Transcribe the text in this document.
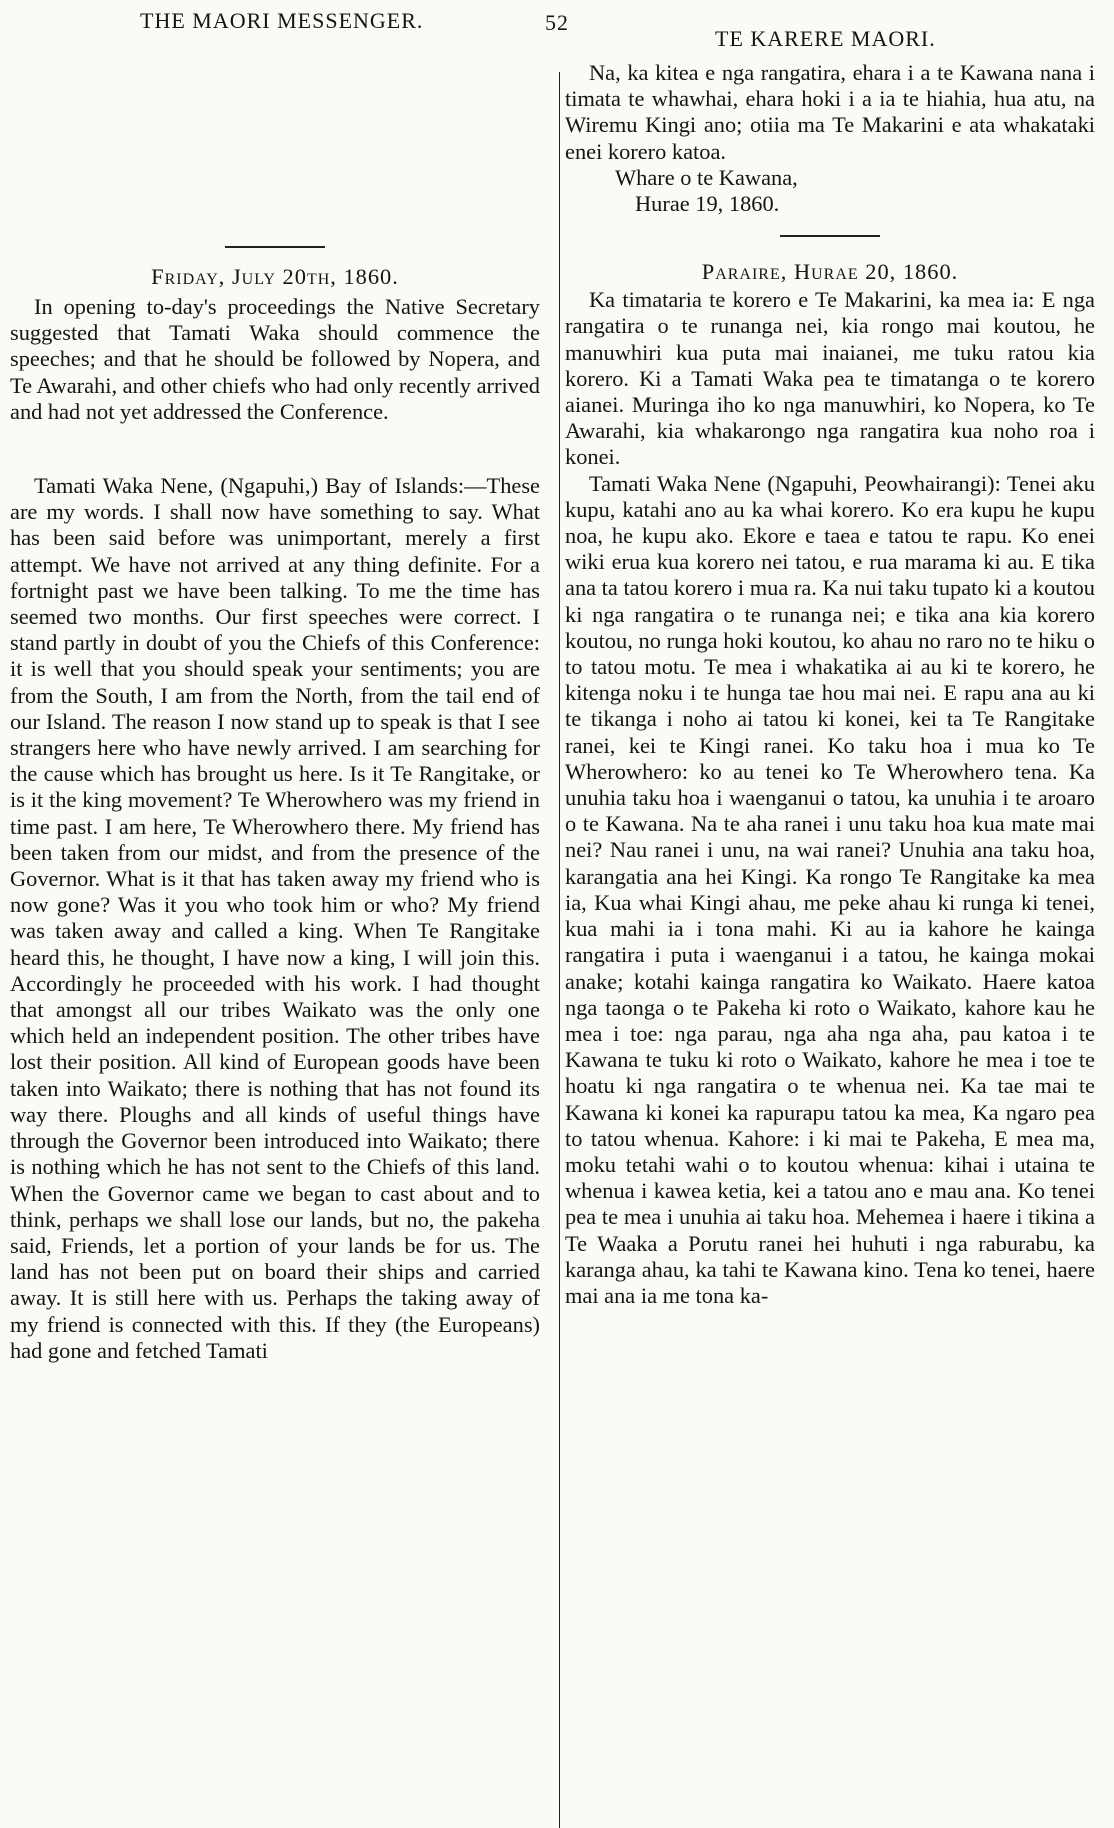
THE MAORI MESSENGER.	52
TE KARERE MAORI.

Friday, July 20th, 1860.

In opening to-day's proceedings the Native Secretary suggested that Tamati Waka should commence the speeches; and that he should be followed by Nopera, and Te Awarahi, and other chiefs who had only recently arrived and had not yet addressed the Conference.

Tamati Waka Nene, (Ngapuhi,) Bay of Islands:—These are my words. I shall now have something to say. What has been said before was unimportant, merely a first attempt. We have not arrived at any thing definite. For a fortnight past we have been talking. To me the time has seemed two months. Our first speeches were correct. I stand partly in doubt of you the Chiefs of this Conference: it is well that you should speak your sentiments; you are from the South, I am from the North, from the tail end of our Island. The reason I now stand up to speak is that I see strangers here who have newly arrived. I am searching for the cause which has brought us here. Is it Te Rangitake, or is it the king movement? Te Wherowhero was my friend in time past. I am here, Te Wherowhero there. My friend has been taken from our midst, and from the presence of the Governor. What is it that has taken away my friend who is now gone? Was it you who took him or who? My friend was taken away and called a king. When Te Rangitake heard this, he thought, I have now a king, I will join this. Accordingly he proceeded with his work. I had thought that amongst all our tribes Waikato was the only one which held an independent position. The other tribes have lost their position. All kind of European goods have been taken into Waikato; there is nothing that has not found its way there. Ploughs and all kinds of useful things have through the Governor been introduced into Waikato; there is nothing which he has not sent to the Chiefs of this land. When the Governor came we began to cast about and to think, perhaps we shall lose our lands, but no, the pakeha said, Friends, let a portion of your lands be for us. The land has not been put on board their ships and carried away. It is still here with us. Perhaps the taking away of my friend is connected with this. If they (the Europeans) had gone and fetched Tamati

Na, ka kitea e nga rangatira, ehara i a te Kawana nana i timata te whawhai, ehara hoki i a ia te hiahia, hua atu, na Wiremu Kingi ano; otiia ma Te Makarini e ata whakataki enei korero katoa.

Whare o te Kawana,

Hurae 19, 1860.

Paraire, Hurae 20, 1860.

Ka timataria te korero e Te Makarini, ka mea ia: E nga rangatira o te runanga nei, kia rongo mai koutou, he manuwhiri kua puta mai inaianei, me tuku ratou kia korero. Ki a Tamati Waka pea te timatanga o te korero aianei. Muringa iho ko nga manuwhiri, ko Nopera, ko Te Awarahi, kia whakarongo nga rangatira kua noho roa i konei.

Tamati Waka Nene (Ngapuhi, Peowhairangi): Tenei aku kupu, katahi ano au ka whai korero. Ko era kupu he kupu noa, he kupu ako. Ekore e taea e tatou te rapu. Ko enei wiki erua kua korero nei tatou, e rua marama ki au. E tika ana ta tatou korero i mua ra. Ka nui taku tupato ki a koutou ki nga rangatira o te runanga nei; e tika ana kia korero koutou, no runga hoki koutou, ko ahau no raro no te hiku o to tatou motu. Te mea i whakatika ai au ki te korero, he kitenga noku i te hunga tae hou mai nei. E rapu ana au ki te tikanga i noho ai tatou ki konei, kei ta Te Rangitake ranei, kei te Kingi ranei. Ko taku hoa i mua ko Te Wherowhero: ko au tenei ko Te Wherowhero tena. Ka unuhia taku hoa i waenganui o tatou, ka unuhia i te aroaro o te Kawana. Na te aha ranei i unu taku hoa kua mate mai nei? Nau ranei i unu, na wai ranei? Unuhia ana taku hoa, karangatia ana hei Kingi. Ka rongo Te Rangitake ka mea ia, Kua whai Kingi ahau, me peke ahau ki runga ki tenei, kua mahi ia i tona mahi. Ki au ia kahore he kainga rangatira i puta i waenganui i a tatou, he kainga mokai anake; kotahi kainga rangatira ko Waikato. Haere katoa nga taonga o te Pakeha ki roto o Waikato, kahore kau he mea i toe: nga parau, nga aha nga aha, pau katoa i te Kawana te tuku ki roto o Waikato, kahore he mea i toe te hoatu ki nga rangatira o te whenua nei. Ka tae mai te Kawana ki konei ka rapurapu tatou ka mea, Ka ngaro pea to tatou whenua. Kahore: i ki mai te Pakeha, E mea ma, moku tetahi wahi o to koutou whenua: kihai i utaina te whenua i kawea ketia, kei a tatou ano e mau ana. Ko tenei pea te mea i unuhia ai taku hoa. Mehemea i haere i tikina a Te Waaka a Porutu ranei hei huhuti i nga raburabu, ka karanga ahau, ka tahi te Kawana kino. Tena ko tenei, haere mai ana ia me tona ka-
